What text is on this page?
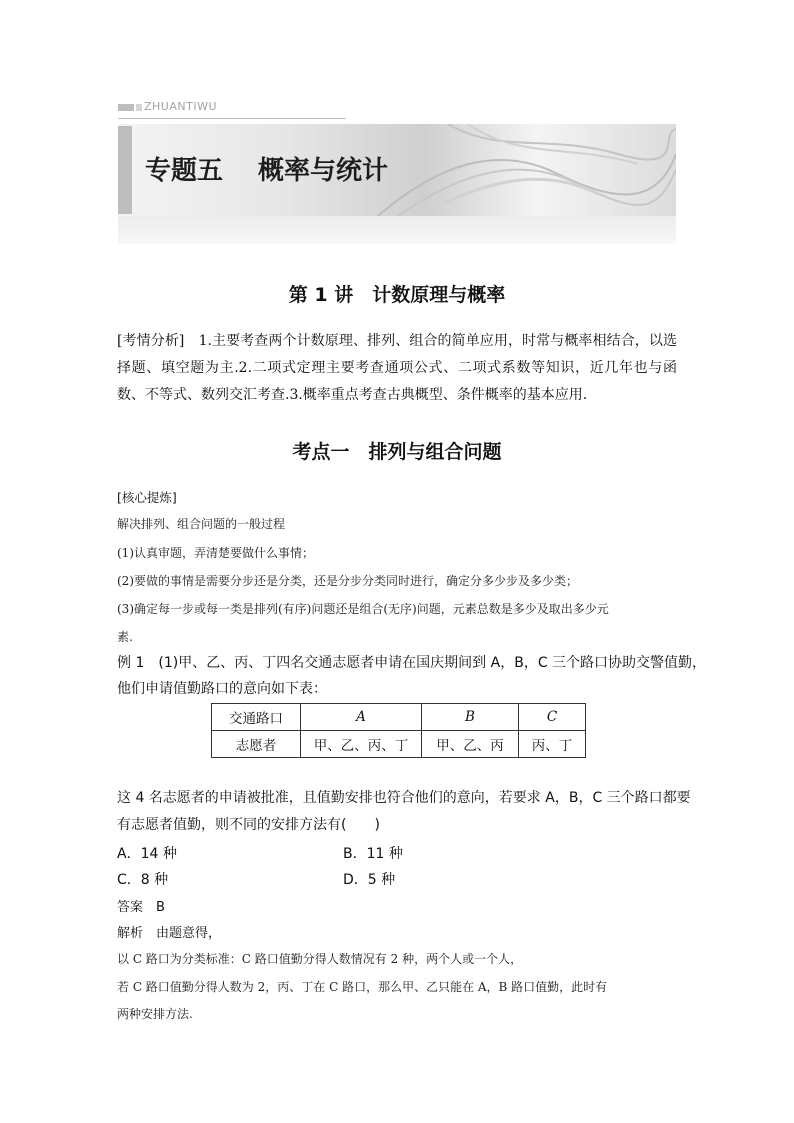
ZHUANTIWU
专题五　 概率与统计
第 1 讲　计数原理与概率
[考情分析]　1.主要考查两个计数原理、排列、组合的简单应用，时常与概率相结合，以选择题、填空题为主.2.二项式定理主要考查通项公式、二项式系数等知识，近几年也与函数、不等式、数列交汇考查.3.概率重点考查古典概型、条件概率的基本应用.
考点一　排列与组合问题
[核心提炼]
解决排列、组合问题的一般过程
(1)认真审题，弄清楚要做什么事情；
(2)要做的事情是需要分步还是分类，还是分步分类同时进行，确定分多少步及多少类；
(3)确定每一步或每一类是排列(有序)问题还是组合(无序)问题，元素总数是多少及取出多少元
素.
例 1　(1)甲、乙、丙、丁四名交通志愿者申请在国庆期间到 A，B，C 三个路口协助交警值勤，
他们申请值勤路口的意向如下表：
交通路口	A	B	C
志愿者	甲、乙、丙、丁	甲、乙、丙	丙、丁
这 4 名志愿者的申请被批准，且值勤安排也符合他们的意向，若要求 A，B，C 三个路口都要
有志愿者值勤，则不同的安排方法有(　　)
A．14 种	B．11 种
C．8 种	D．5 种
答案　B
解析　由题意得，
以 C 路口为分类标准：C 路口值勤分得人数情况有 2 种，两个人或一个人，
若 C 路口值勤分得人数为 2，丙、丁在 C 路口，那么甲、乙只能在 A，B 路口值勤，此时有
两种安排方法.
